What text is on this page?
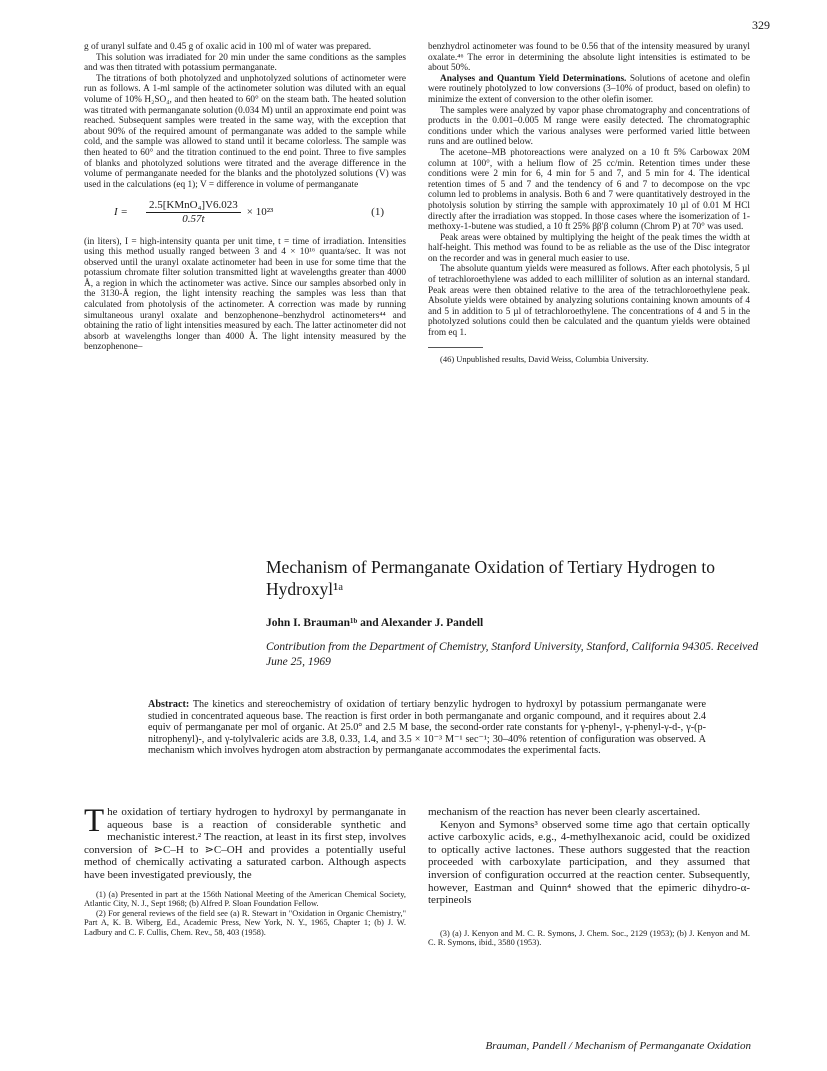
329

g of uranyl sulfate and 0.45 g of oxalic acid in 100 ml of water was prepared.

This solution was irradiated for 20 min under the same conditions as the samples and was then titrated with potassium permanganate.

The titrations of both photolyzed and unphotolyzed solutions of actinometer were run as follows. A 1-ml sample of the actinometer solution was diluted with an equal volume of 10% H₂SO₄, and then heated to 60° on the steam bath. The heated solution was titrated with permanganate solution (0.034 M) until an approximate end point was reached. Subsequent samples were treated in the same way, with the exception that about 90% of the required amount of permanganate was added to the sample while cold, and the sample was allowed to stand until it became colorless. The sample was then heated to 60° and the titration continued to the end point. Three to five samples of blanks and photolyzed solutions were titrated and the average difference in the volume of permanganate needed for the blanks and the photolyzed solutions (V) was used in the calculations (eq 1); V = difference in volume of permanganate

I =	$\frac{\text{2.5[KMnO₄]V6.023}}{0.57t} \times 10^{23}$	(1)

(in liters), I = high-intensity quanta per unit time, t = time of irradiation. Intensities using this method usually ranged between 3 and 4 × 10¹⁶ quanta/sec. It was not observed until the uranyl oxalate actinometer had been in use for some time that the potassium chromate filter solution transmitted light at wavelengths greater than 4000 Å, a region in which the actinometer was active. Since our samples absorbed only in the 3130-Å region, the light intensity reaching the samples was less than that calculated from photolysis of the actinometer. A correction was made by running simultaneous uranyl oxalate and benzophenone–benzhydrol actinometers⁴⁴ and obtaining the ratio of light intensities measured by each. The latter actinometer did not absorb at wavelengths longer than 4000 Å. The light intensity measured by the benzophenone–

benzhydrol actinometer was found to be 0.56 that of the intensity measured by uranyl oxalate.⁴⁶ The error in determining the absolute light intensities is estimated to be about 50%.

Analyses and Quantum Yield Determinations. Solutions of acetone and olefin were routinely photolyzed to low conversions (3–10% of product, based on olefin) to minimize the extent of conversion to the other olefin isomer.

The samples were analyzed by vapor phase chromatography and concentrations of products in the 0.001–0.005 M range were easily detected. The chromatographic conditions under which the various analyses were performed varied little between runs and are outlined below.

The acetone–MB photoreactions were analyzed on a 10 ft 5% Carbowax 20M column at 100°, with a helium flow of 25 cc/min. Retention times under these conditions were 2 min for 6, 4 min for 5 and 7, and 5 min for 4. The identical retention times of 5 and 7 and the tendency of 6 and 7 to decompose on the vpc column led to problems in analysis. Both 6 and 7 were quantitatively destroyed in the photolysis solution by stirring the sample with approximately 10 µl of 0.01 M HCl directly after the irradiation was stopped. In those cases where the isomerization of 1-methoxy-1-butene was studied, a 10 ft 25% ββ′β column (Chrom P) at 70° was used.

Peak areas were obtained by multiplying the height of the peak times the width at half-height. This method was found to be as reliable as the use of the Disc integrator on the recorder and was in general much easier to use.

The absolute quantum yields were measured as follows. After each photolysis, 5 µl of tetrachloroethylene was added to each milliliter of solution as an internal standard. Peak areas were then obtained relative to the area of the tetrachloroethylene peak. Absolute yields were obtained by analyzing solutions containing known amounts of 4 and 5 in addition to 5 µl of tetrachloroethylene. The concentrations of 4 and 5 in the photolyzed solutions could then be calculated and the quantum yields were obtained from eq 1.

(46) Unpublished results, David Weiss, Columbia University.

Mechanism of Permanganate Oxidation of Tertiary Hydrogen to Hydroxyl¹ᵃ
John I. Brauman¹ᵇ and Alexander J. Pandell
Contribution from the Department of Chemistry, Stanford University, Stanford, California 94305. Received June 25, 1969
Abstract: The kinetics and stereochemistry of oxidation of tertiary benzylic hydrogen to hydroxyl by potassium permanganate were studied in concentrated aqueous base. The reaction is first order in both permanganate and organic compound, and it requires about 2.4 equiv of permanganate per mol of organic. At 25.0° and 2.5 M base, the second-order rate constants for γ-phenyl-, γ-phenyl-γ-d-, γ-(p-nitrophenyl)-, and γ-tolylvaleric acids are 3.8, 0.33, 1.4, and 3.5 × 10⁻³ M⁻¹ sec⁻¹; 30–40% retention of configuration was observed. A mechanism which involves hydrogen atom abstraction by permanganate accommodates the experimental facts.

The oxidation of tertiary hydrogen to hydroxyl by permanganate in aqueous base is a reaction of considerable synthetic and mechanistic interest.² The reaction, at least in its first step, involves conversion of ⋗C–H to ⋗C–OH and provides a potentially useful method of chemically activating a saturated carbon. Although aspects have been investigated previously, the

(1) (a) Presented in part at the 156th National Meeting of the American Chemical Society, Atlantic City, N. J., Sept 1968; (b) Alfred P. Sloan Foundation Fellow.

(2) For general reviews of the field see (a) R. Stewart in "Oxidation in Organic Chemistry," Part A, K. B. Wiberg, Ed., Academic Press, New York, N. Y., 1965, Chapter 1; (b) J. W. Ladbury and C. F. Cullis, Chem. Rev., 58, 403 (1958).

mechanism of the reaction has never been clearly ascertained.

Kenyon and Symons³ observed some time ago that certain optically active carboxylic acids, e.g., 4-methylhexanoic acid, could be oxidized to optically active lactones. These authors suggested that the reaction proceeded with carboxylate participation, and they assumed that inversion of configuration occurred at the reaction center. Subsequently, however, Eastman and Quinn⁴ showed that the epimeric dihydro-α-terpineols

(3) (a) J. Kenyon and M. C. R. Symons, J. Chem. Soc., 2129 (1953); (b) J. Kenyon and M. C. R. Symons, ibid., 3580 (1953).

Brauman, Pandell / Mechanism of Permanganate Oxidation
